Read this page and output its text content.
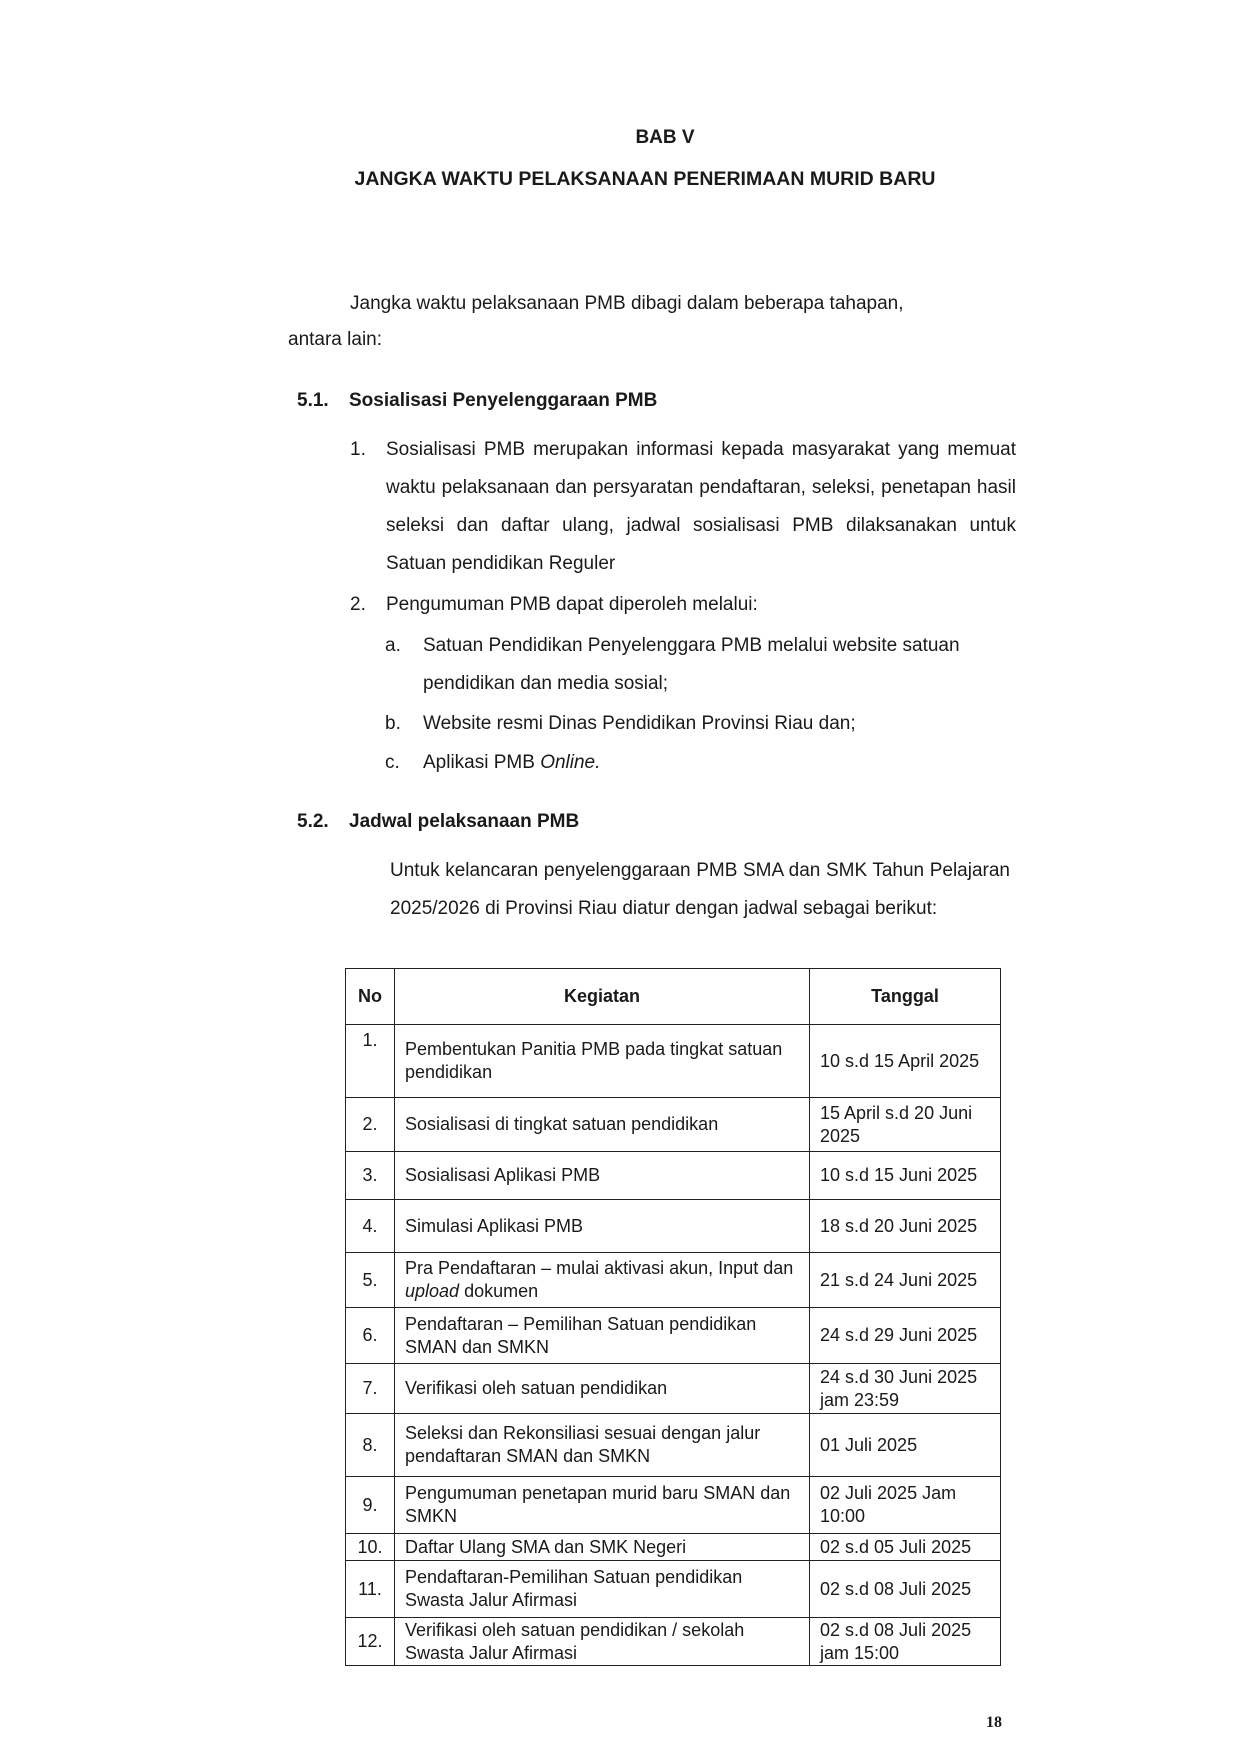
BAB V
JANGKA WAKTU PELAKSANAAN PENERIMAAN MURID BARU
Jangka waktu pelaksanaan PMB dibagi dalam beberapa tahapan,
antara lain:
5.1. Sosialisasi Penyelenggaraan PMB
1. Sosialisasi PMB merupakan informasi kepada masyarakat yang memuat waktu pelaksanaan dan persyaratan pendaftaran, seleksi, penetapan hasil seleksi dan daftar ulang, jadwal sosialisasi PMB dilaksanakan untuk Satuan pendidikan Reguler
2. Pengumuman PMB dapat diperoleh melalui:
a. Satuan Pendidikan Penyelenggara PMB melalui website satuan pendidikan dan media sosial;
b. Website resmi Dinas Pendidikan Provinsi Riau dan;
c. Aplikasi PMB Online.
5.2. Jadwal pelaksanaan PMB
Untuk kelancaran penyelenggaraan PMB SMA dan SMK Tahun Pelajaran 2025/2026 di Provinsi Riau diatur dengan jadwal sebagai berikut:
No	Kegiatan	Tanggal
1.	Pembentukan Panitia PMB pada tingkat satuan pendidikan	10 s.d 15 April 2025
2.	Sosialisasi di tingkat satuan pendidikan	15 April s.d 20 Juni 2025
3.	Sosialisasi Aplikasi PMB	10 s.d 15 Juni 2025
4.	Simulasi Aplikasi PMB	18 s.d 20 Juni 2025
5.	Pra Pendaftaran – mulai aktivasi akun, Input dan upload dokumen	21 s.d 24 Juni 2025
6.	Pendaftaran – Pemilihan Satuan pendidikan SMAN dan SMKN	24 s.d 29 Juni 2025
7.	Verifikasi oleh satuan pendidikan	24 s.d 30 Juni 2025 jam 23:59
8.	Seleksi dan Rekonsiliasi sesuai dengan jalur pendaftaran SMAN dan SMKN	01 Juli 2025
9.	Pengumuman penetapan murid baru SMAN dan SMKN	02 Juli 2025 Jam 10:00
10.	Daftar Ulang SMA dan SMK Negeri	02 s.d 05 Juli 2025
11.	Pendaftaran-Pemilihan Satuan pendidikan Swasta Jalur Afirmasi	02 s.d 08 Juli 2025
12.	Verifikasi oleh satuan pendidikan / sekolah Swasta Jalur Afirmasi	02 s.d 08 Juli 2025 jam 15:00
18
